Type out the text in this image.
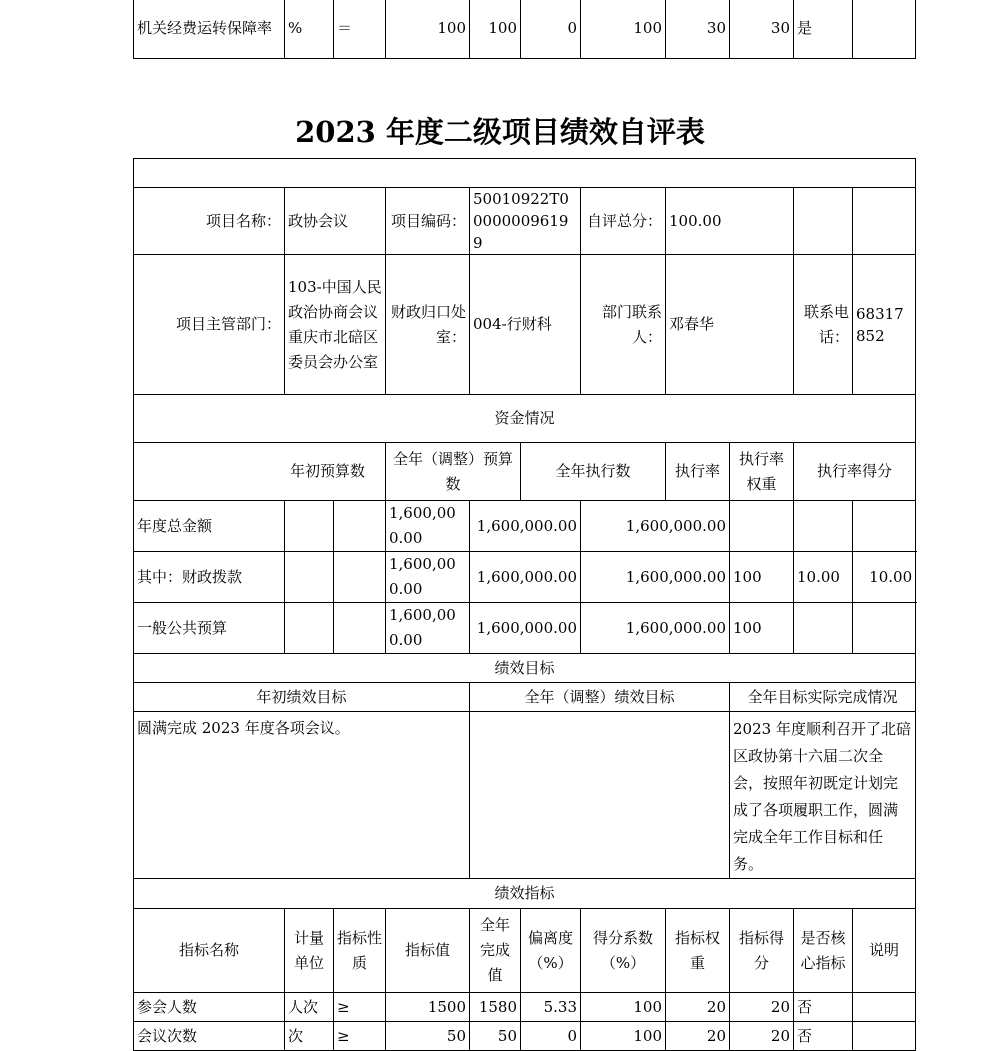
机关经费运转保障率	%	＝	100	100	0	100	30	30	是	
2023 年度二级项目绩效自评表

项目名称：	政协会议		项目编码：	50010922T000000096199		自评总分：	100.00			
项目主管部门：	103-中国人民政治协商会议重庆市北碚区委员会办公室		财政归口处室：	004-行财科		部门联系人：	邓春华		联系电话：	68317852
资金情况										
年初预算数			全年（调整）预算数		全年执行数		执行率	执行率权重	执行率得分	
年度总金额			1,600,000.00	1,600,000.00		1,600,000.00				
其中：财政拨款			1,600,000.00	1,600,000.00		1,600,000.00		100	10.00	10.00
一般公共预算			1,600,000.00	1,600,000.00		1,600,000.00		100		
绩效目标										
年初绩效目标				全年（调整）绩效目标				全年目标实际完成情况		
圆满完成 2023 年度各项会议。								2023 年度顺利召开了北碚区政协第十六届二次全会，按照年初既定计划完成了各项履职工作，圆满完成全年工作目标和任务。		
绩效指标										
指标名称	计量单位	指标性质	指标值	全年完成值	偏离度（%）	得分系数（%）	指标权重	指标得分	是否核心指标	说明
参会人数	人次	≥	1500	1580	5.33	100	20	20	否	
会议次数	次	≥	50	50	0	100	20	20	否	
